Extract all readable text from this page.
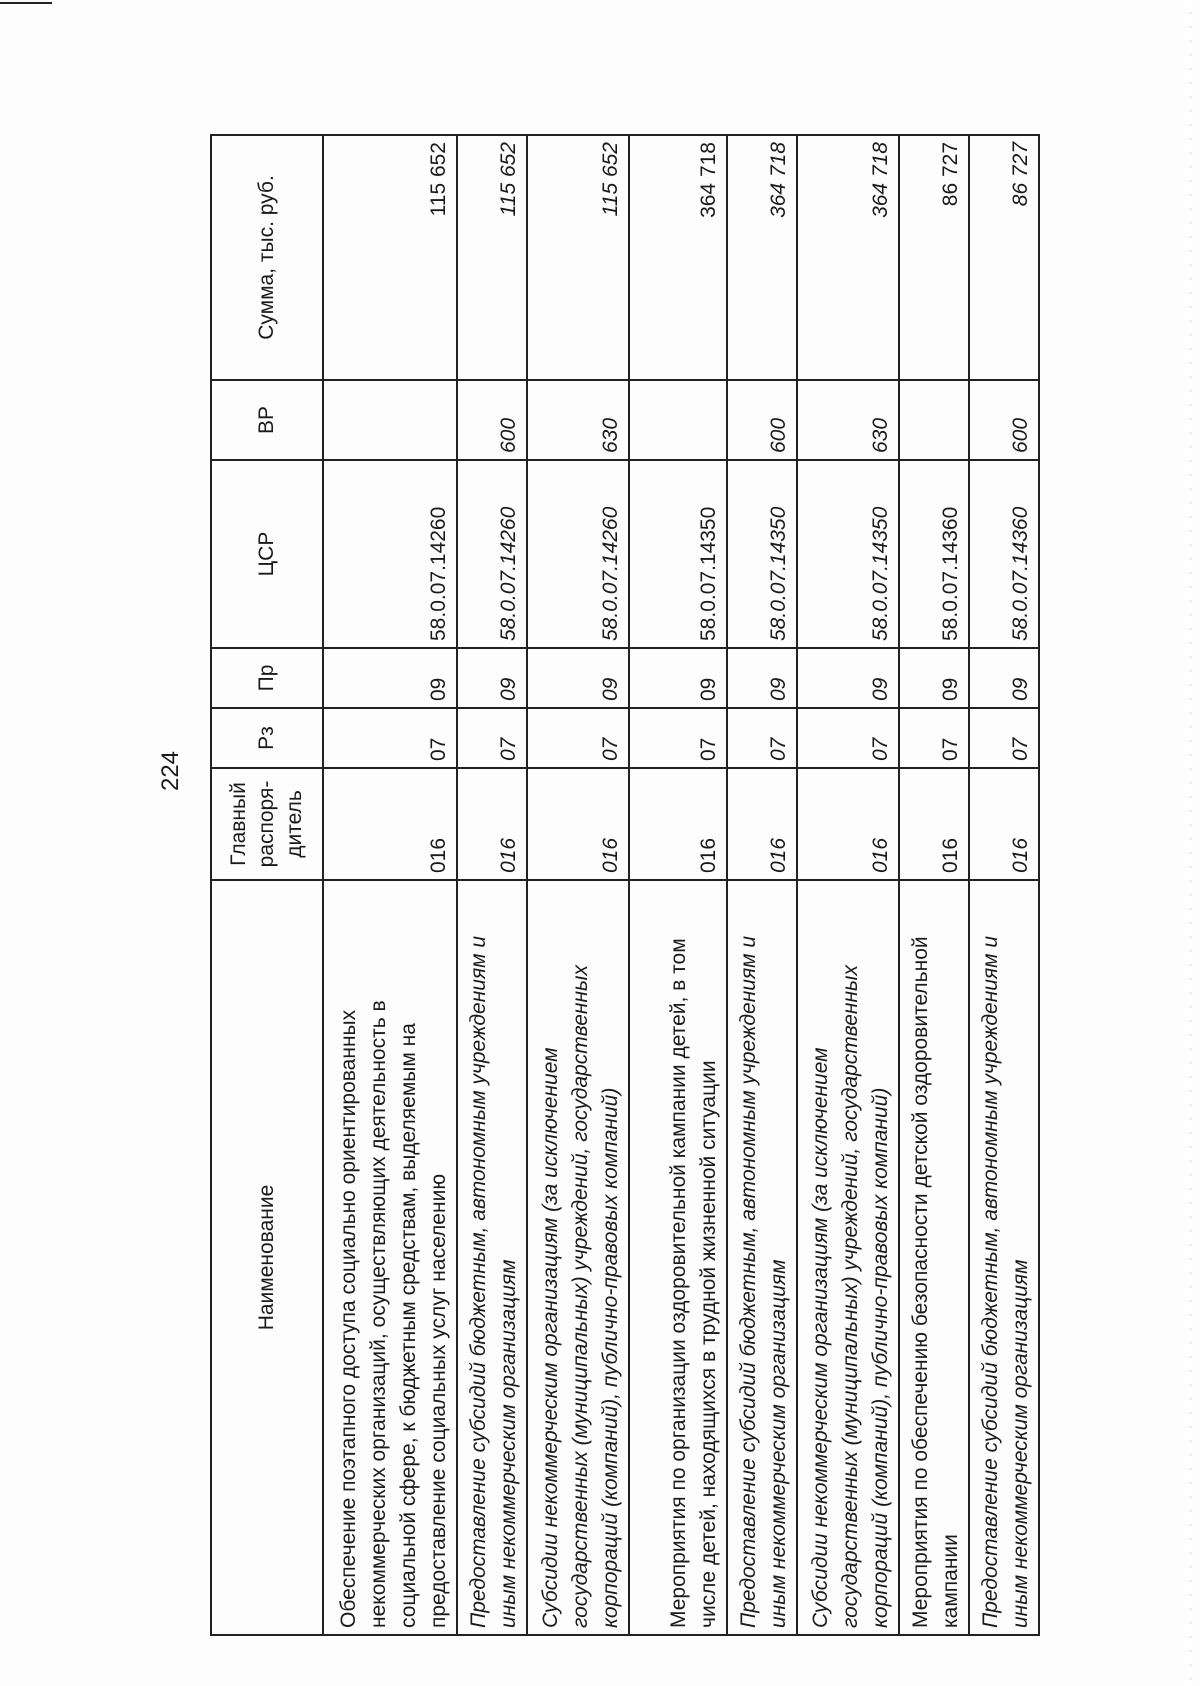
224
Наименование	Главный распоря-дитель	Рз	Пр	ЦСР	ВР	Сумма, тыс. руб.
Обеспечение поэтапного доступа социально ориентированных некоммерческих организаций, осуществляющих деятельность в социальной сфере, к бюджетным средствам, выделяемым на предоставление социальных услуг населению	016	07	09	58.0.07.14260		115 652
Предоставление субсидий бюджетным, автономным учреждениям и иным некоммерческим организациям	016	07	09	58.0.07.14260	600	115 652
Субсидии некоммерческим организациям (за исключением государственных (муниципальных) учреждений, государственных корпораций (компаний), публично-правовых компаний)	016	07	09	58.0.07.14260	630	115 652
Мероприятия по организации оздоровительной кампании детей, в том числе детей, находящихся в трудной жизненной ситуации	016	07	09	58.0.07.14350		364 718
Предоставление субсидий бюджетным, автономным учреждениям и иным некоммерческим организациям	016	07	09	58.0.07.14350	600	364 718
Субсидии некоммерческим организациям (за исключением государственных (муниципальных) учреждений, государственных корпораций (компаний), публично-правовых компаний)	016	07	09	58.0.07.14350	630	364 718
Мероприятия по обеспечению безопасности детской оздоровительной кампании	016	07	09	58.0.07.14360		86 727
Предоставление субсидий бюджетным, автономным учреждениям и иным некоммерческим организациям	016	07	09	58.0.07.14360	600	86 727
